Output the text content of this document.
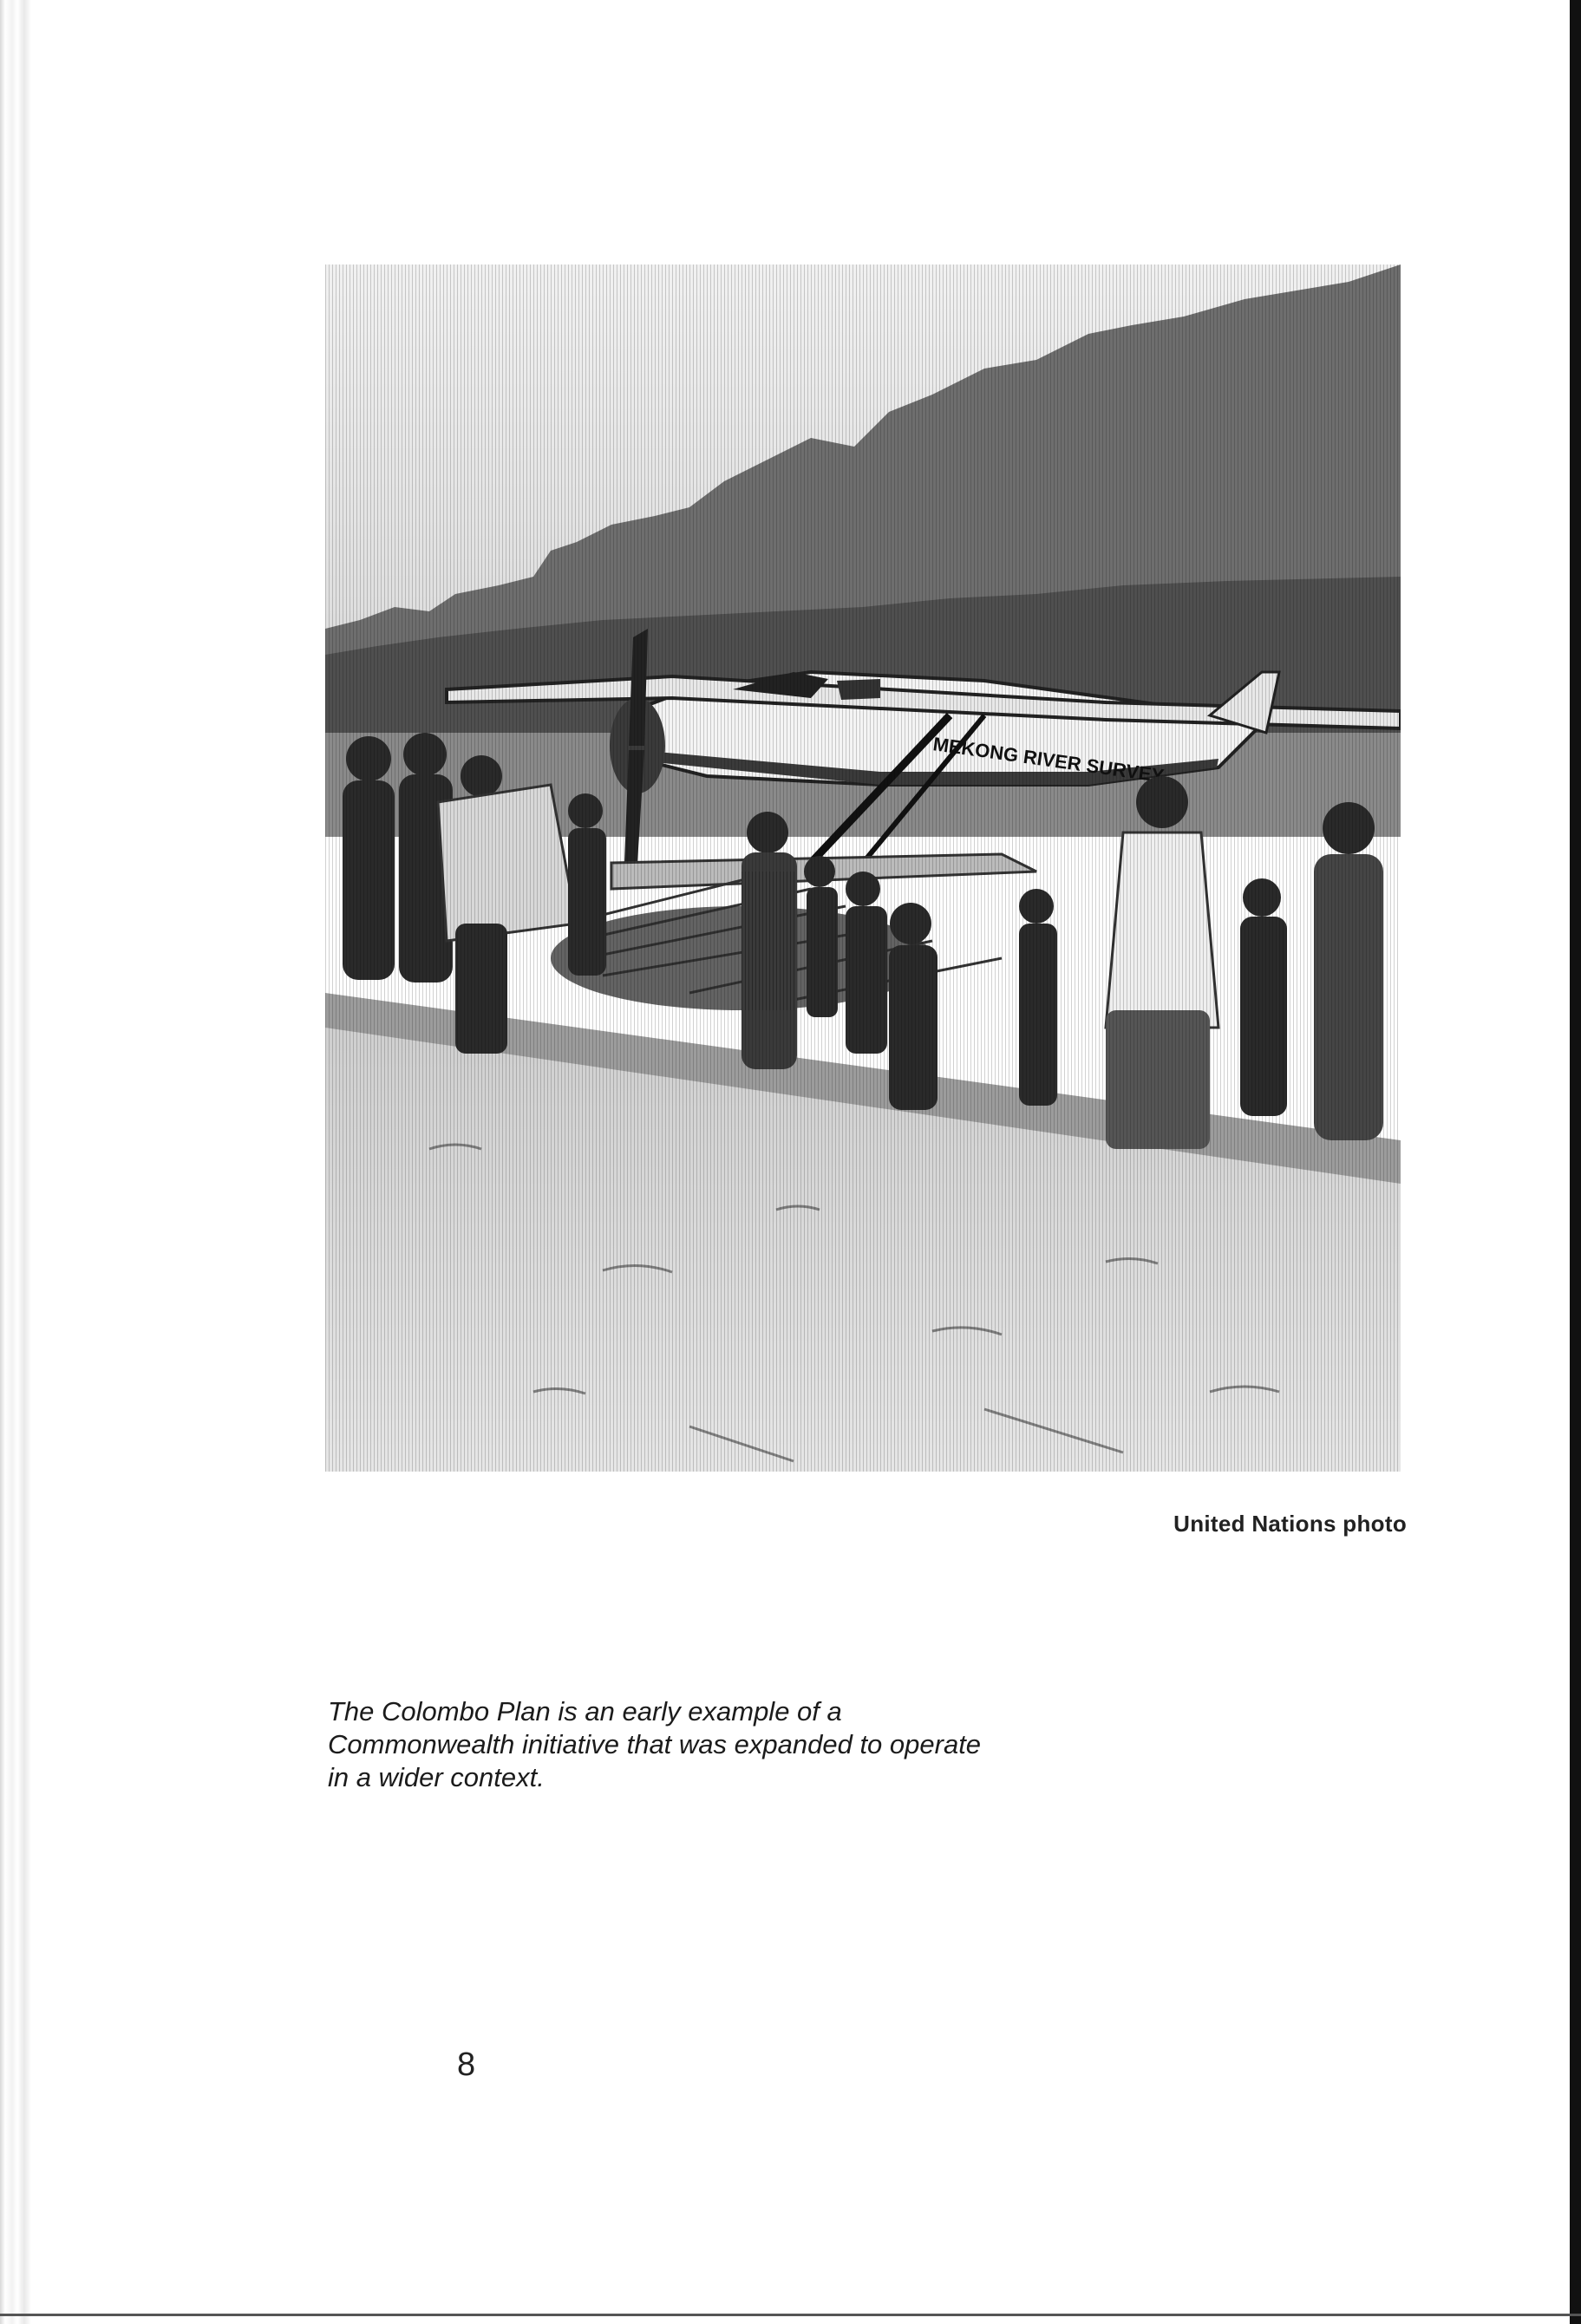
United Nations photo
The Colombo Plan is an early example of a Commonwealth initiative that was expanded to operate in a wider context.
8
